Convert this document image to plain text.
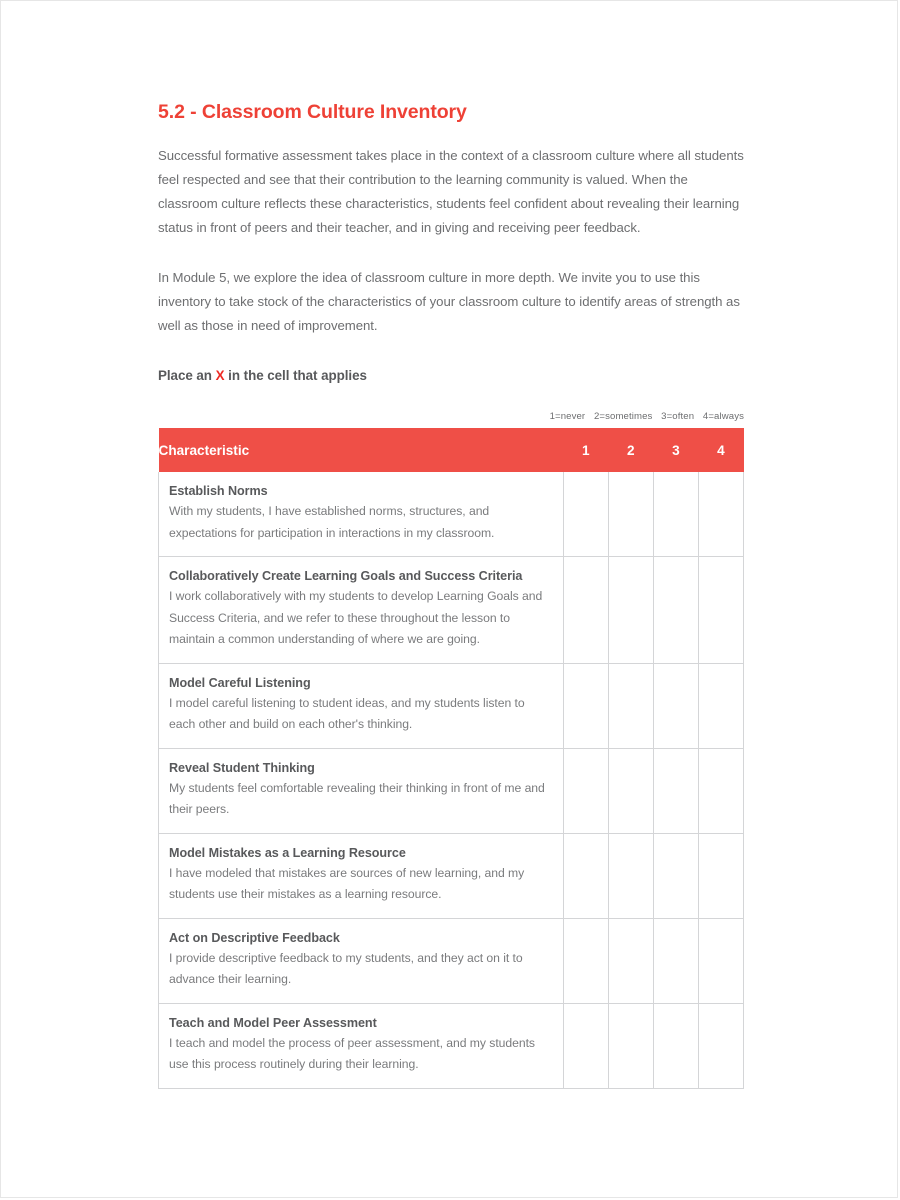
5.2 - Classroom Culture Inventory

Successful formative assessment takes place in the context of a classroom culture where all students feel respected and see that their contribution to the learning community is valued. When the classroom culture reflects these characteristics, students feel confident about revealing their learning status in front of peers and their teacher, and in giving and receiving peer feedback.

In Module 5, we explore the idea of classroom culture in more depth. We invite you to use this inventory to take stock of the characteristics of your classroom culture to identify areas of strength as well as those in need of improvement.

Place an X in the cell that applies

1=never 2=sometimes 3=often 4=always
Characteristic	1	2	3	4

Establish Norms
With my students, I have established norms, structures, and expectations for participation in interactions in my classroom.				

Collaboratively Create Learning Goals and Success Criteria
I work collaboratively with my students to develop Learning Goals and Success Criteria, and we refer to these throughout the lesson to maintain a common understanding of where we are going.				

Model Careful Listening
I model careful listening to student ideas, and my students listen to each other and build on each other's thinking.				

Reveal Student Thinking
My students feel comfortable revealing their thinking in front of me and their peers.				

Model Mistakes as a Learning Resource
I have modeled that mistakes are sources of new learning, and my students use their mistakes as a learning resource.				

Act on Descriptive Feedback
I provide descriptive feedback to my students, and they act on it to advance their learning.				

Teach and Model Peer Assessment
I teach and model the process of peer assessment, and my students use this process routinely during their learning.				
